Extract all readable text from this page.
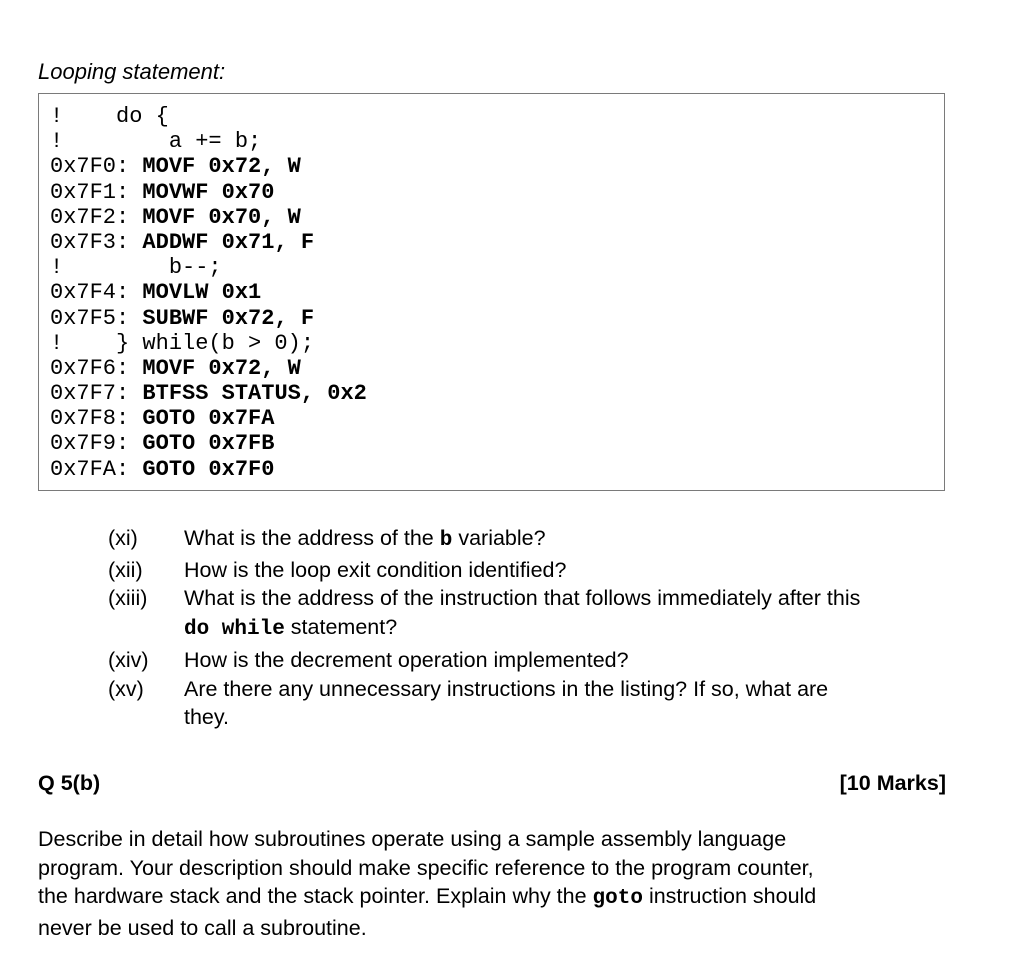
Looping statement:
!    do {
!        a += b;
0x7F0: MOVF 0x72, W
0x7F1: MOVWF 0x70
0x7F2: MOVF 0x70, W
0x7F3: ADDWF 0x71, F
!        b--;
0x7F4: MOVLW 0x1
0x7F5: SUBWF 0x72, F
!    } while(b > 0);
0x7F6: MOVF 0x72, W
0x7F7: BTFSS STATUS, 0x2
0x7F8: GOTO 0x7FA
0x7F9: GOTO 0x7FB
0x7FA: GOTO 0x7F0
(xi) What is the address of the b variable?
(xii) How is the loop exit condition identified?
(xiii) What is the address of the instruction that follows immediately after this
do while statement?
(xiv) How is the decrement operation implemented?
(xv) Are there any unnecessary instructions in the listing? If so, what are
they.
Q 5(b)	[10 Marks]
Describe in detail how subroutines operate using a sample assembly language
program. Your description should make specific reference to the program counter,
the hardware stack and the stack pointer. Explain why the goto instruction should
never be used to call a subroutine.
